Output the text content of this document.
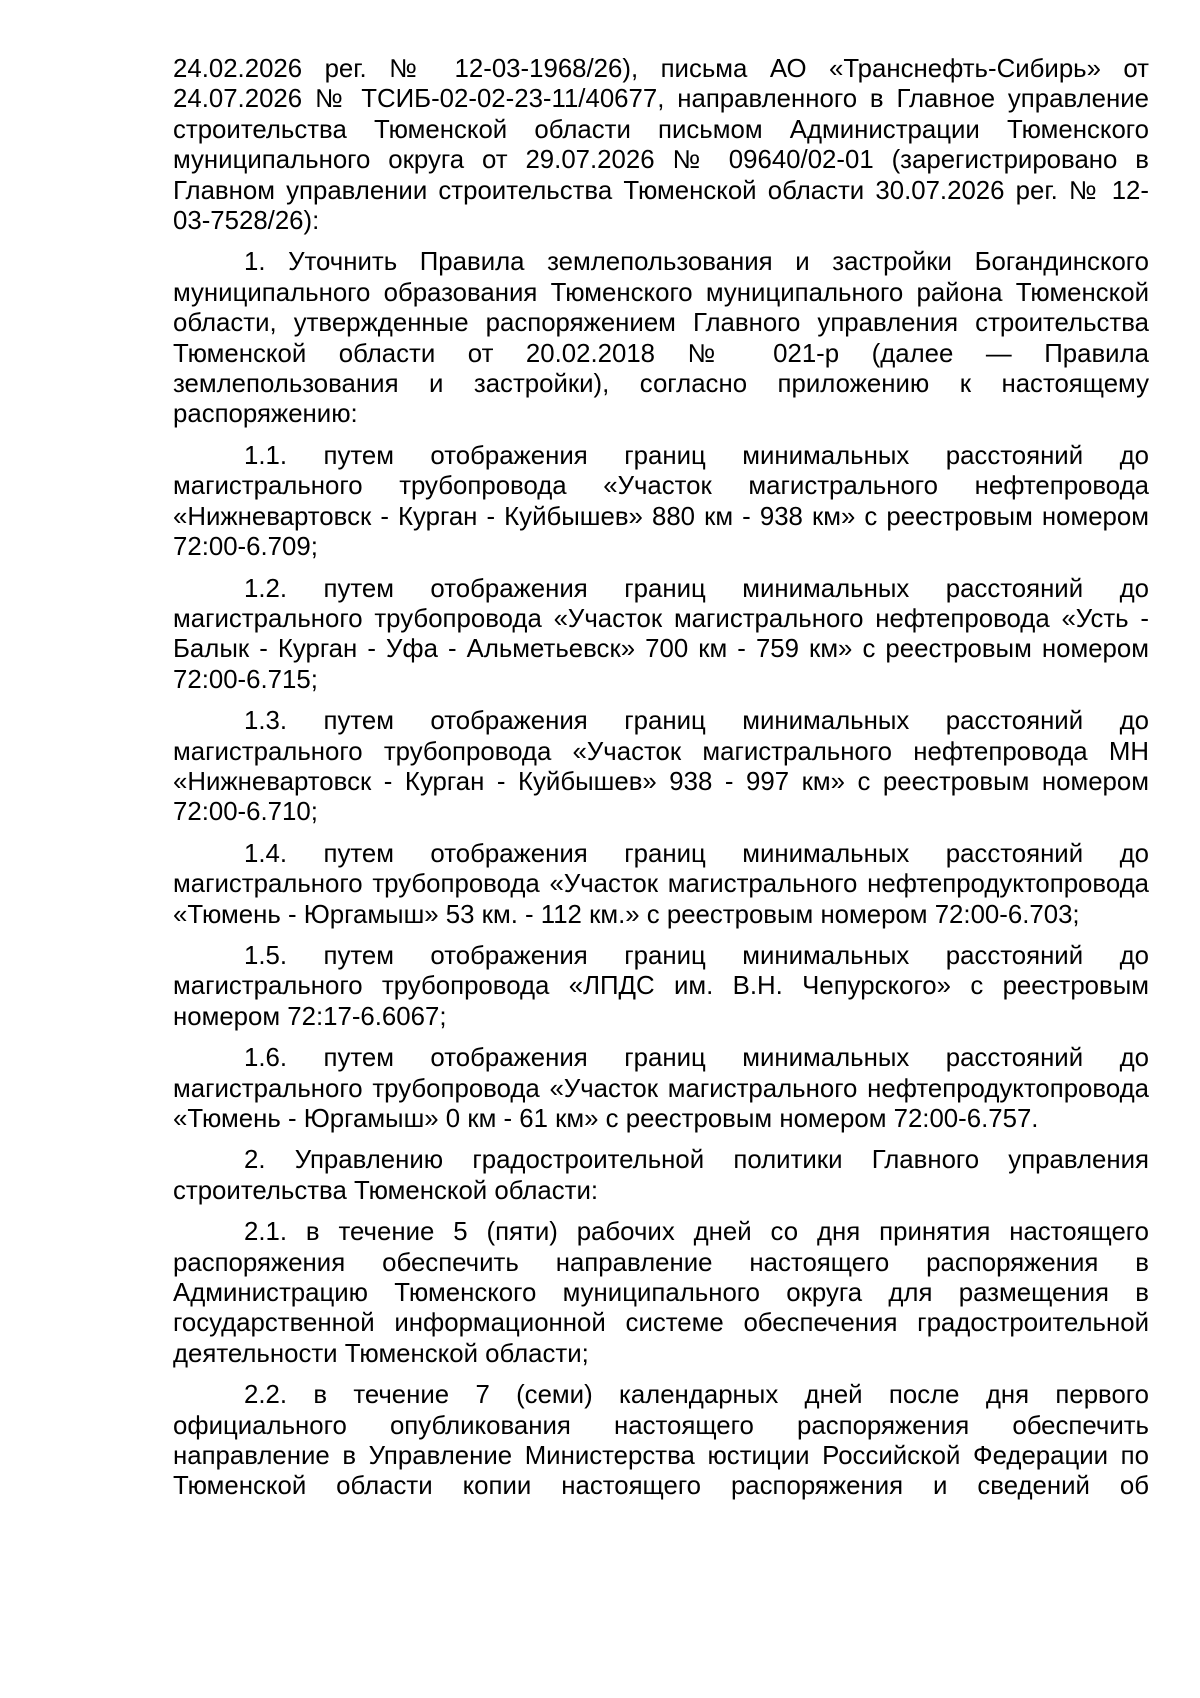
24.02.2026 рег. № 12-03-1968/26), письма АО «Транснефть-Сибирь» от 24.07.2026 № ТСИБ-02-02-23-11/40677, направленного в Главное управление строительства Тюменской области письмом Администрации Тюменского муниципального округа от 29.07.2026 № 09640/02-01 (зарегистрировано в Главном управлении строительства Тюменской области 30.07.2026 рег. № 12-03-7528/26):

1. Уточнить Правила землепользования и застройки Богандинского муниципального образования Тюменского муниципального района Тюменской области, утвержденные распоряжением Главного управления строительства Тюменской области от 20.02.2018 № 021-р (далее — Правила землепользования и застройки), согласно приложению к настоящему распоряжению:

1.1. путем отображения границ минимальных расстояний до магистрального трубопровода «Участок магистрального нефтепровода «Нижневартовск - Курган - Куйбышев» 880 км - 938 км» с реестровым номером 72:00-6.709;

1.2. путем отображения границ минимальных расстояний до магистрального трубопровода «Участок магистрального нефтепровода «Усть - Балык - Курган - Уфа - Альметьевск» 700 км - 759 км» с реестровым номером 72:00-6.715;

1.3. путем отображения границ минимальных расстояний до магистрального трубопровода «Участок магистрального нефтепровода МН «Нижневартовск - Курган - Куйбышев» 938 - 997 км» с реестровым номером 72:00-6.710;

1.4. путем отображения границ минимальных расстояний до магистрального трубопровода «Участок магистрального нефтепродуктопровода «Тюмень - Юргамыш» 53 км. - 112 км.» с реестровым номером 72:00-6.703;

1.5. путем отображения границ минимальных расстояний до магистрального трубопровода «ЛПДС им. В.Н. Чепурского» с реестровым номером 72:17-6.6067;

1.6. путем отображения границ минимальных расстояний до магистрального трубопровода «Участок магистрального нефтепродуктопровода «Тюмень - Юргамыш» 0 км - 61 км» с реестровым номером 72:00-6.757.

2. Управлению градостроительной политики Главного управления строительства Тюменской области:

2.1. в течение 5 (пяти) рабочих дней со дня принятия настоящего распоряжения обеспечить направление настоящего распоряжения в Администрацию Тюменского муниципального округа для размещения в государственной информационной системе обеспечения градостроительной деятельности Тюменской области;

2.2. в течение 7 (семи) календарных дней после дня первого официального опубликования настоящего распоряжения обеспечить направление в Управление Министерства юстиции Российской Федерации по Тюменской области копии настоящего распоряжения и сведений об
